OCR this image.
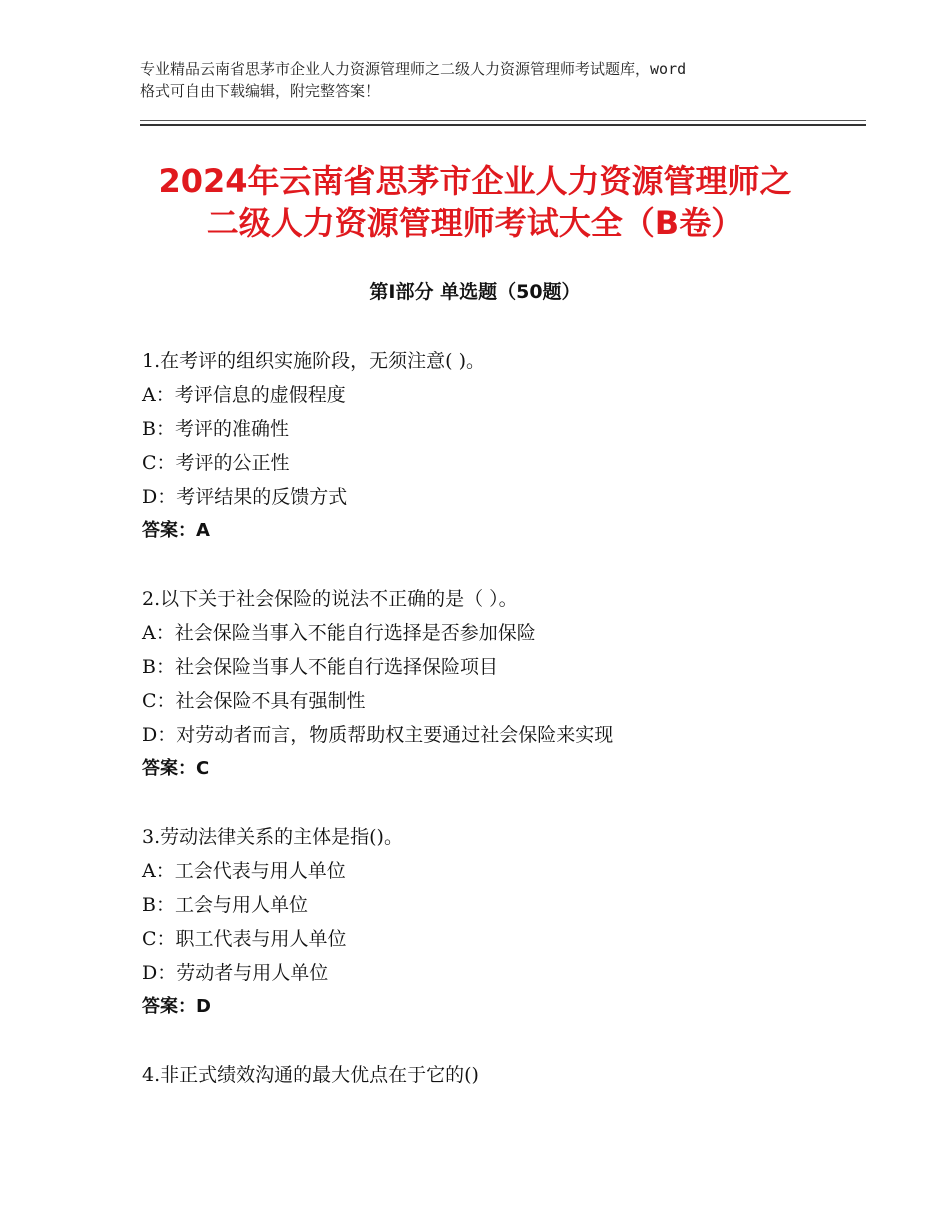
专业精品云南省思茅市企业人力资源管理师之二级人力资源管理师考试题库，word
格式可自由下载编辑，附完整答案！
2024年云南省思茅市企业人力资源管理师之
二级人力资源管理师考试大全（B卷）
第Ⅰ部分 单选题（50题）
1.在考评的组织实施阶段，无须注意( )。
A：考评信息的虚假程度
B：考评的准确性
C：考评的公正性
D：考评结果的反馈方式
答案：A
2.以下关于社会保险的说法不正确的是（ ）。
A：社会保险当事入不能自行选择是否参加保险
B：社会保险当事人不能自行选择保险项目
C：社会保险不具有强制性
D：对劳动者而言，物质帮助权主要通过社会保险来实现
答案：C
3.劳动法律关系的主体是指()。
A：工会代表与用人单位
B：工会与用人单位
C：职工代表与用人单位
D：劳动者与用人单位
答案：D
4.非正式绩效沟通的最大优点在于它的()
